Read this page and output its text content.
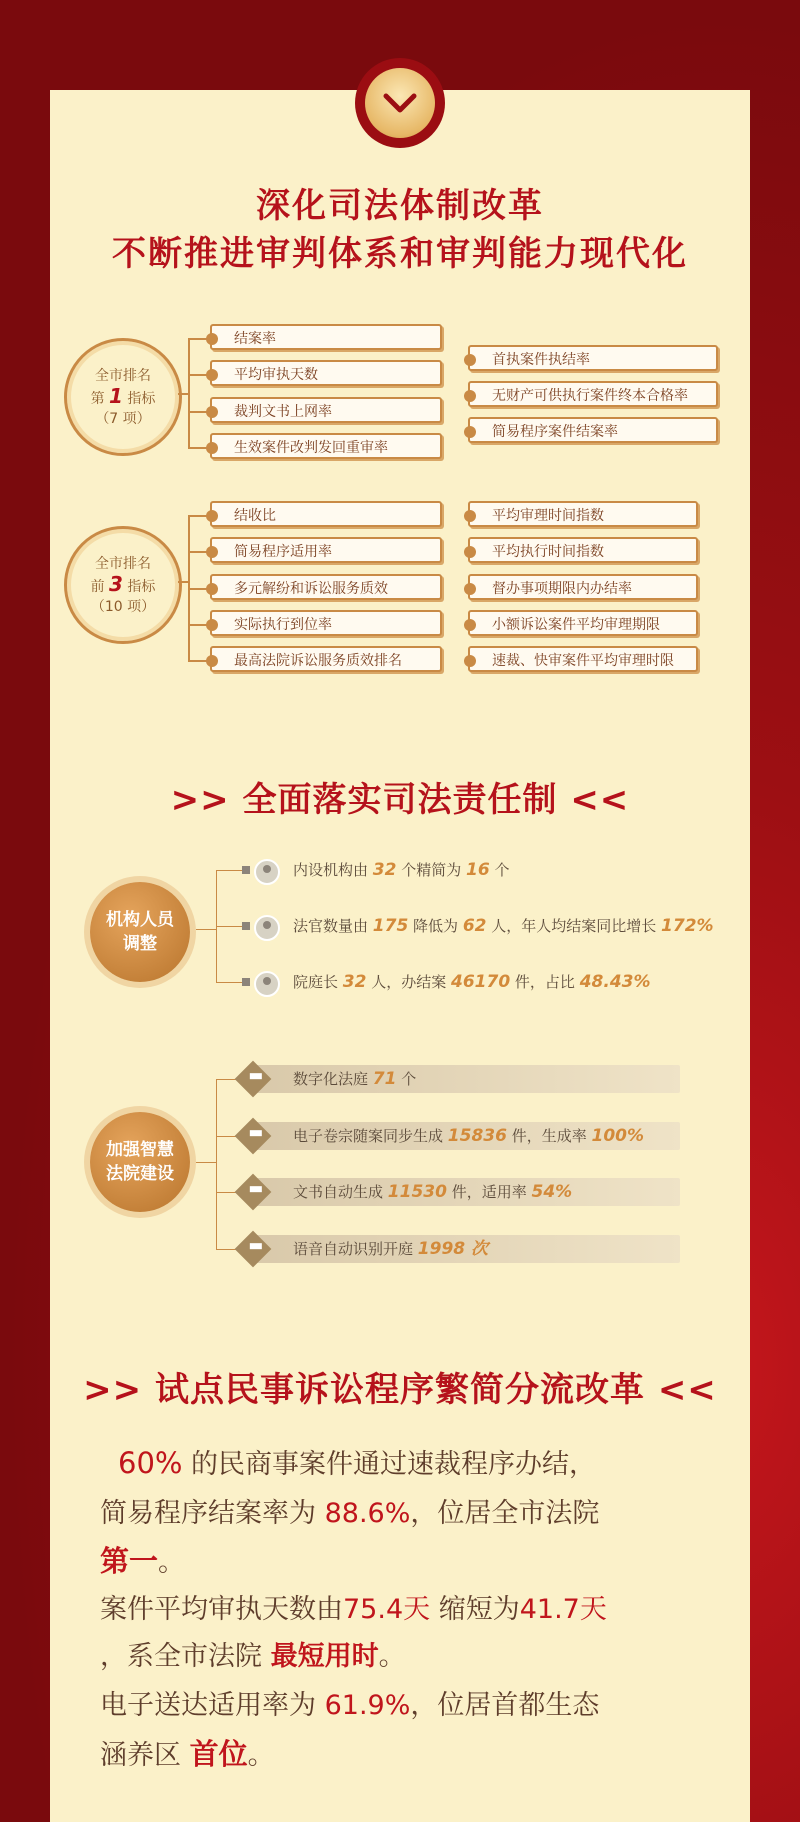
深化司法体制改革
不断推进审判体系和审判能力现代化
全市排名
第 1 指标
（7 项）
结案率
平均审执天数
裁判文书上网率
生效案件改判发回重审率
首执案件执结率
无财产可供执行案件终本合格率
简易程序案件结案率
全市排名
前 3 指标
（10 项）
结收比
简易程序适用率
多元解纷和诉讼服务质效
实际执行到位率
最高法院诉讼服务质效排名
平均审理时间指数
平均执行时间指数
督办事项期限内办结率
小额诉讼案件平均审理期限
速裁、快审案件平均审理时限
>> 全面落实司法责任制 <<
机构人员
调整
内设机构由 32 个精简为 16 个
法官数量由 175 降低为 62 人，年人均结案同比增长 172%
院庭长 32 人，办结案 46170 件，占比 48.43%
加强智慧
法院建设
数字化法庭 71 个
电子卷宗随案同步生成 15836 件，生成率 100%
文书自动生成 11530 件，适用率 54%
语音自动识别开庭 1998 次
>> 试点民事诉讼程序繁简分流改革 <<
60% 的民商事案件通过速裁程序办结，
简易程序结案率为 88.6%，位居全市法院
第一。
案件平均审执天数由75.4天 缩短为41.7天
，系全市法院 最短用时。
电子送达适用率为 61.9%，位居首都生态
涵养区 首位。
